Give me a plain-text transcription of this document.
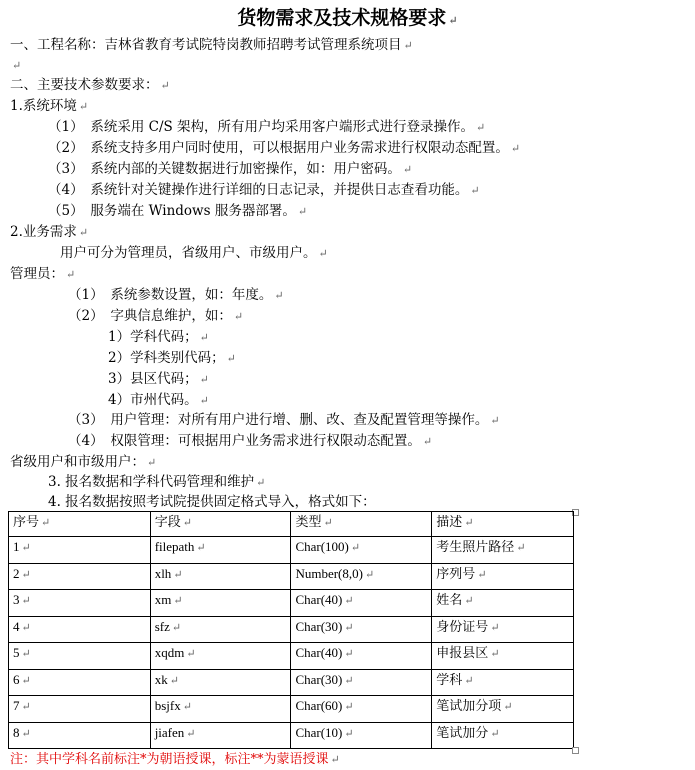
货物需求及技术规格要求 ↵
一、工程名称：吉林省教育考试院特岗教师招聘考试管理系统项目 ↵
↵
二、主要技术参数要求： ↵
1.系统环境 ↵
（1）　系统采用 C/S 架构，所有用户均采用客户端形式进行登录操作。 ↵
（2）　系统支持多用户同时使用，可以根据用户业务需求进行权限动态配置。 ↵
（3）　系统内部的关键数据进行加密操作，如：用户密码。 ↵
（4）　系统针对关键操作进行详细的日志记录，并提供日志查看功能。 ↵
（5）　服务端在 Windows 服务器部署。 ↵
2.业务需求 ↵
用户可分为管理员，省级用户、市级用户。 ↵
管理员： ↵
（1）　系统参数设置，如：年度。 ↵
（2）　字典信息维护，如： ↵
1）学科代码； ↵
2）学科类别代码； ↵
3）县区代码； ↵
4）市州代码。 ↵
（3）　用户管理：对所有用户进行增、删、改、查及配置管理等操作。 ↵
（4）　权限管理：可根据用户业务需求进行权限动态配置。 ↵
省级用户和市级用户： ↵
3. 报名数据和学科代码管理和维护 ↵
4. 报名数据按照考试院提供固定格式导入，格式如下：
序号 ↵	字段 ↵	类型 ↵	描述 ↵
1 ↵	filepath ↵	Char(100) ↵	考生照片路径 ↵
2 ↵	xlh ↵	Number(8,0) ↵	序列号 ↵
3 ↵	xm ↵	Char(40) ↵	姓名 ↵
4 ↵	sfz ↵	Char(30) ↵	身份证号 ↵
5 ↵	xqdm ↵	Char(40) ↵	申报县区 ↵
6 ↵	xk ↵	Char(30) ↵	学科 ↵
7 ↵	bsjfx ↵	Char(60) ↵	笔试加分项 ↵
8 ↵	jiafen ↵	Char(10) ↵	笔试加分 ↵
注：其中学科名前标注*为朝语授课，标注**为蒙语授课 ↵
